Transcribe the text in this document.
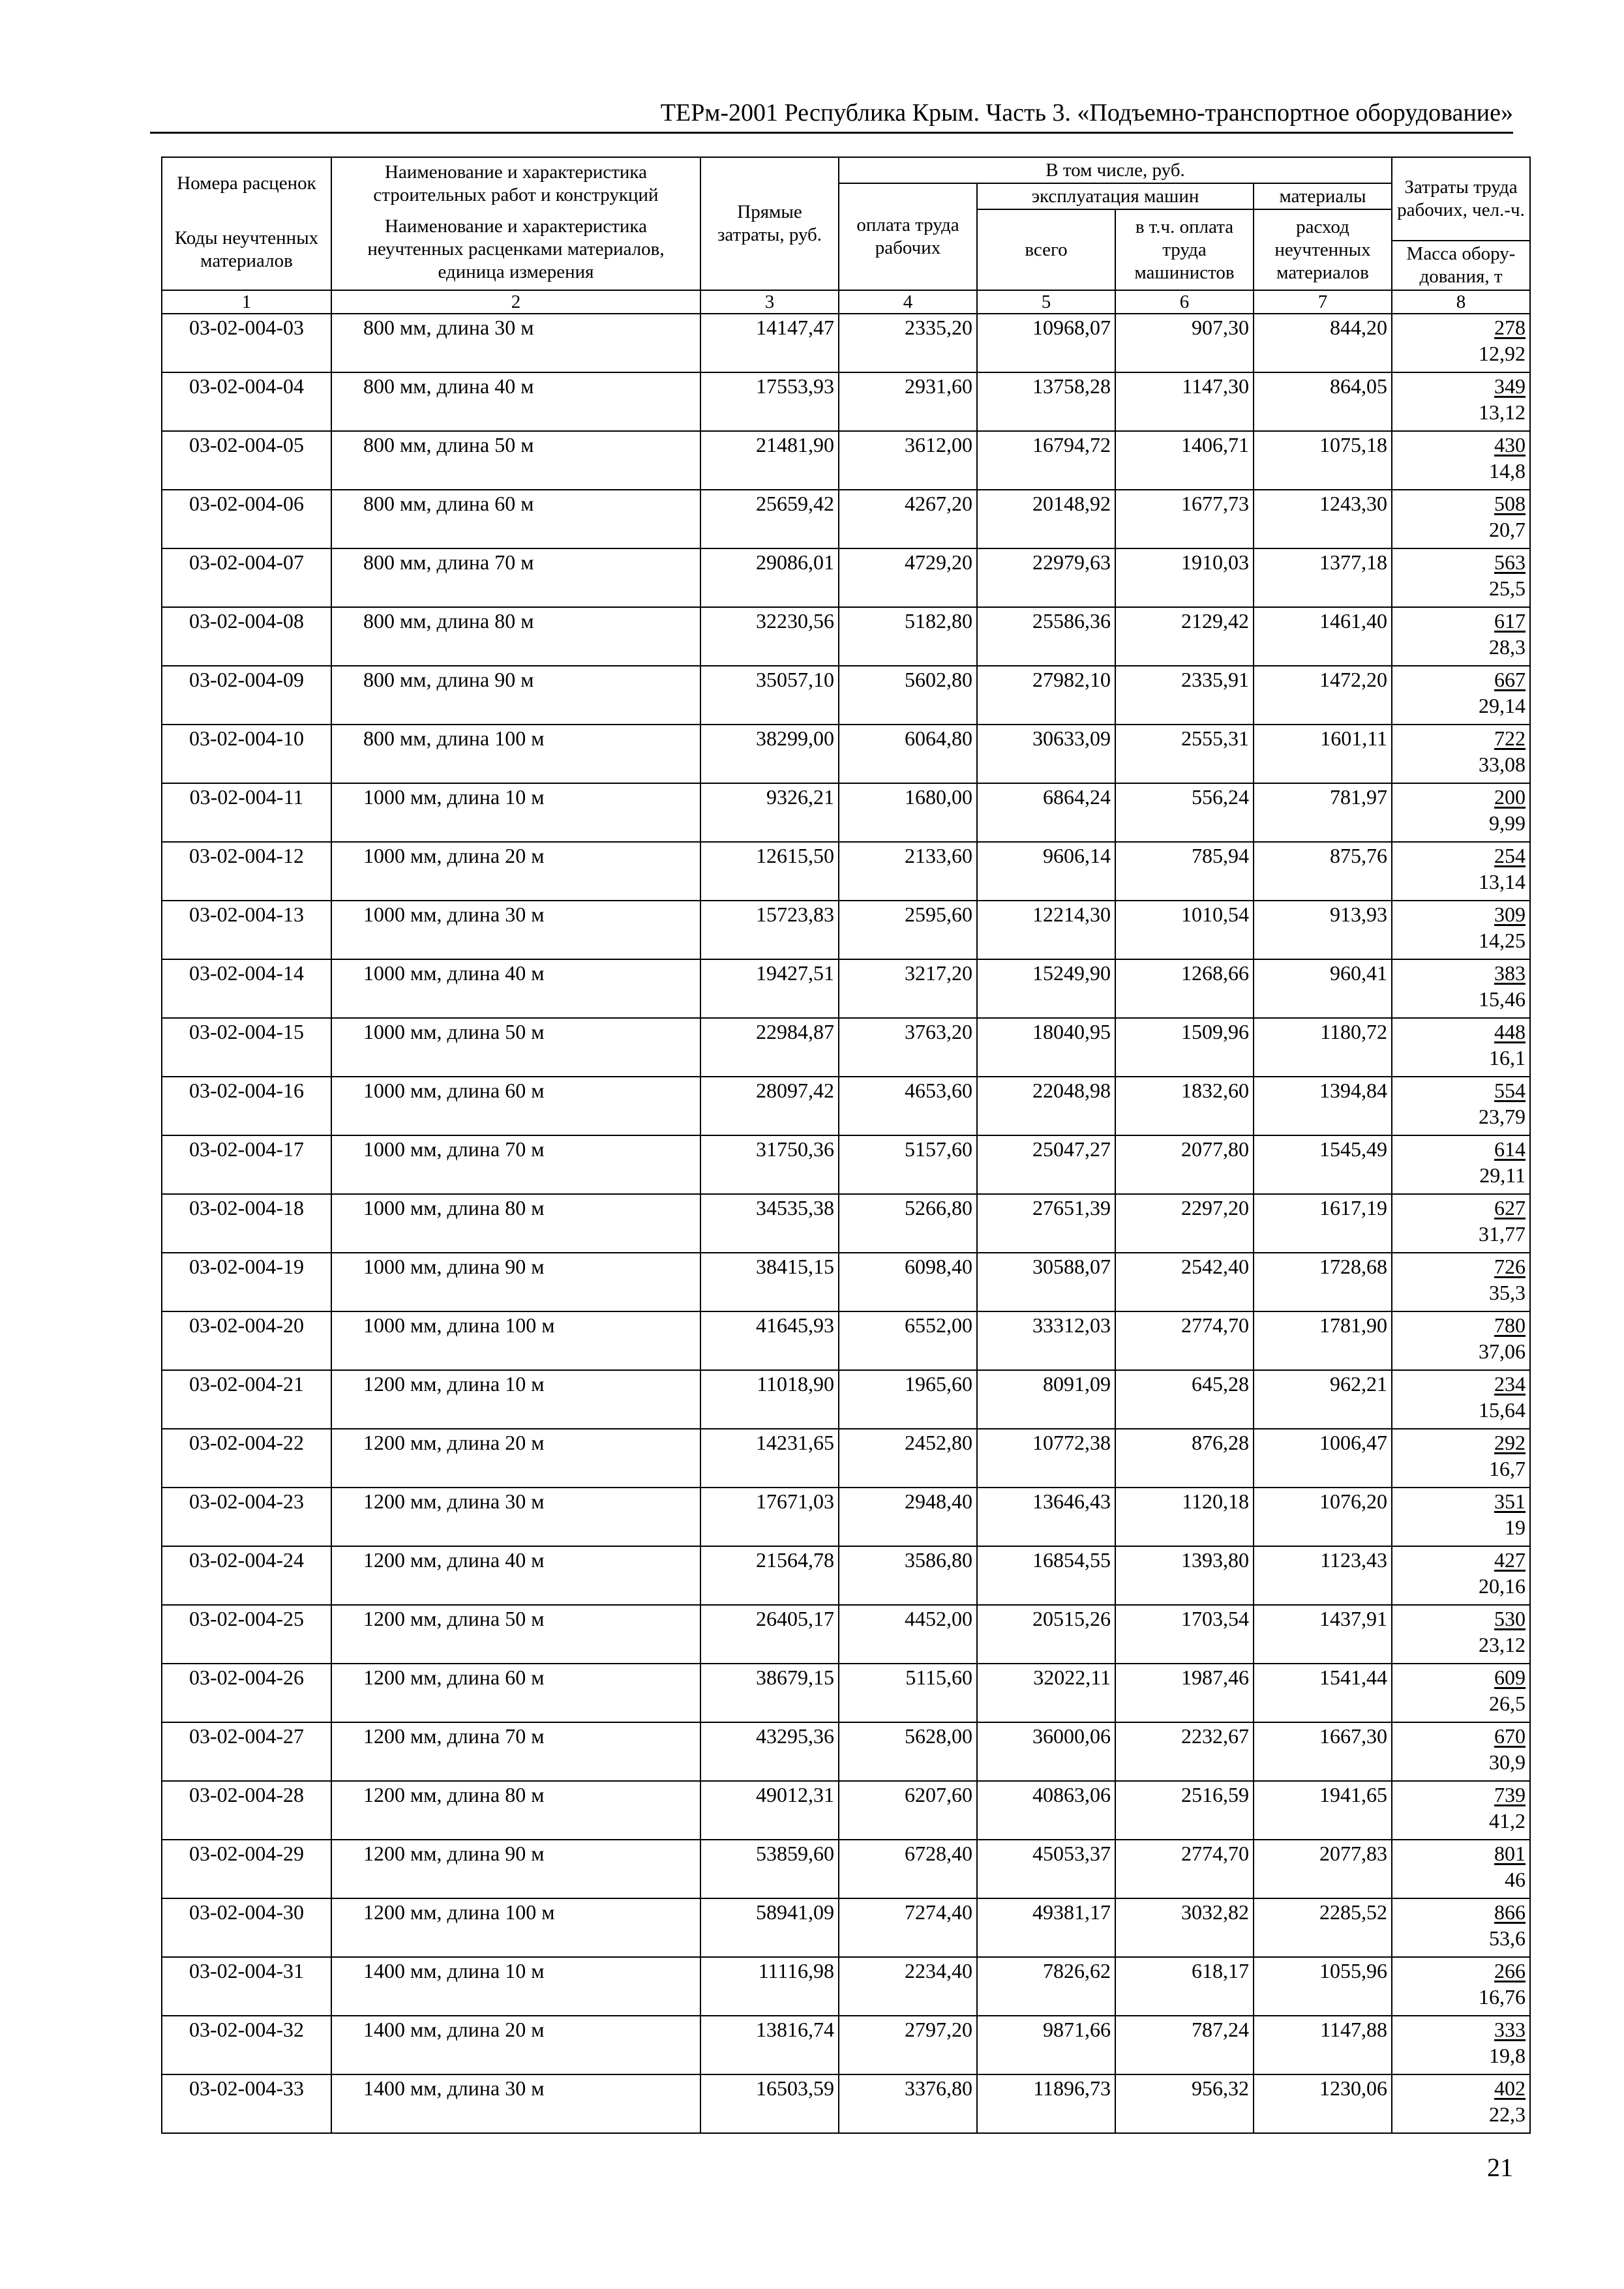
ТЕРм-2001 Республика Крым. Часть 3. «Подъемно-транспортное оборудование»
Номера расценок	Наименование и характеристика строительных работ и конструкций	Прямые затраты, руб.	В том числе, руб.				Затраты труда рабочих, чел.-ч.
			оплата труда рабочих	эксплуатация машин		материалы	
Коды неучтенных материалов	Наименование и характеристика неучтенных расценками материалов, единица измерения			всего	в т.ч. оплата труда машинистов	расход неучтенных материалов	
							Масса обору-дования, т
1	2	3	4	5	6	7	8
03-02-004-03	800 мм, длина 30 м	14147,47	2335,20	10968,07	907,30	844,20	278
12,92

03-02-004-04	800 мм, длина 40 м	17553,93	2931,60	13758,28	1147,30	864,05	349
13,12

03-02-004-05	800 мм, длина 50 м	21481,90	3612,00	16794,72	1406,71	1075,18	430
14,8

03-02-004-06	800 мм, длина 60 м	25659,42	4267,20	20148,92	1677,73	1243,30	508
20,7

03-02-004-07	800 мм, длина 70 м	29086,01	4729,20	22979,63	1910,03	1377,18	563
25,5

03-02-004-08	800 мм, длина 80 м	32230,56	5182,80	25586,36	2129,42	1461,40	617
28,3

03-02-004-09	800 мм, длина 90 м	35057,10	5602,80	27982,10	2335,91	1472,20	667
29,14

03-02-004-10	800 мм, длина 100 м	38299,00	6064,80	30633,09	2555,31	1601,11	722
33,08

03-02-004-11	1000 мм, длина 10 м	9326,21	1680,00	6864,24	556,24	781,97	200
9,99

03-02-004-12	1000 мм, длина 20 м	12615,50	2133,60	9606,14	785,94	875,76	254
13,14

03-02-004-13	1000 мм, длина 30 м	15723,83	2595,60	12214,30	1010,54	913,93	309
14,25

03-02-004-14	1000 мм, длина 40 м	19427,51	3217,20	15249,90	1268,66	960,41	383
15,46

03-02-004-15	1000 мм, длина 50 м	22984,87	3763,20	18040,95	1509,96	1180,72	448
16,1

03-02-004-16	1000 мм, длина 60 м	28097,42	4653,60	22048,98	1832,60	1394,84	554
23,79

03-02-004-17	1000 мм, длина 70 м	31750,36	5157,60	25047,27	2077,80	1545,49	614
29,11

03-02-004-18	1000 мм, длина 80 м	34535,38	5266,80	27651,39	2297,20	1617,19	627
31,77

03-02-004-19	1000 мм, длина 90 м	38415,15	6098,40	30588,07	2542,40	1728,68	726
35,3

03-02-004-20	1000 мм, длина 100 м	41645,93	6552,00	33312,03	2774,70	1781,90	780
37,06

03-02-004-21	1200 мм, длина 10 м	11018,90	1965,60	8091,09	645,28	962,21	234
15,64

03-02-004-22	1200 мм, длина 20 м	14231,65	2452,80	10772,38	876,28	1006,47	292
16,7

03-02-004-23	1200 мм, длина 30 м	17671,03	2948,40	13646,43	1120,18	1076,20	351
19

03-02-004-24	1200 мм, длина 40 м	21564,78	3586,80	16854,55	1393,80	1123,43	427
20,16

03-02-004-25	1200 мм, длина 50 м	26405,17	4452,00	20515,26	1703,54	1437,91	530
23,12

03-02-004-26	1200 мм, длина 60 м	38679,15	5115,60	32022,11	1987,46	1541,44	609
26,5

03-02-004-27	1200 мм, длина 70 м	43295,36	5628,00	36000,06	2232,67	1667,30	670
30,9

03-02-004-28	1200 мм, длина 80 м	49012,31	6207,60	40863,06	2516,59	1941,65	739
41,2

03-02-004-29	1200 мм, длина 90 м	53859,60	6728,40	45053,37	2774,70	2077,83	801
46

03-02-004-30	1200 мм, длина 100 м	58941,09	7274,40	49381,17	3032,82	2285,52	866
53,6

03-02-004-31	1400 мм, длина 10 м	11116,98	2234,40	7826,62	618,17	1055,96	266
16,76

03-02-004-32	1400 мм, длина 20 м	13816,74	2797,20	9871,66	787,24	1147,88	333
19,8

03-02-004-33	1400 мм, длина 30 м	16503,59	3376,80	11896,73	956,32	1230,06	402
22,3
21
